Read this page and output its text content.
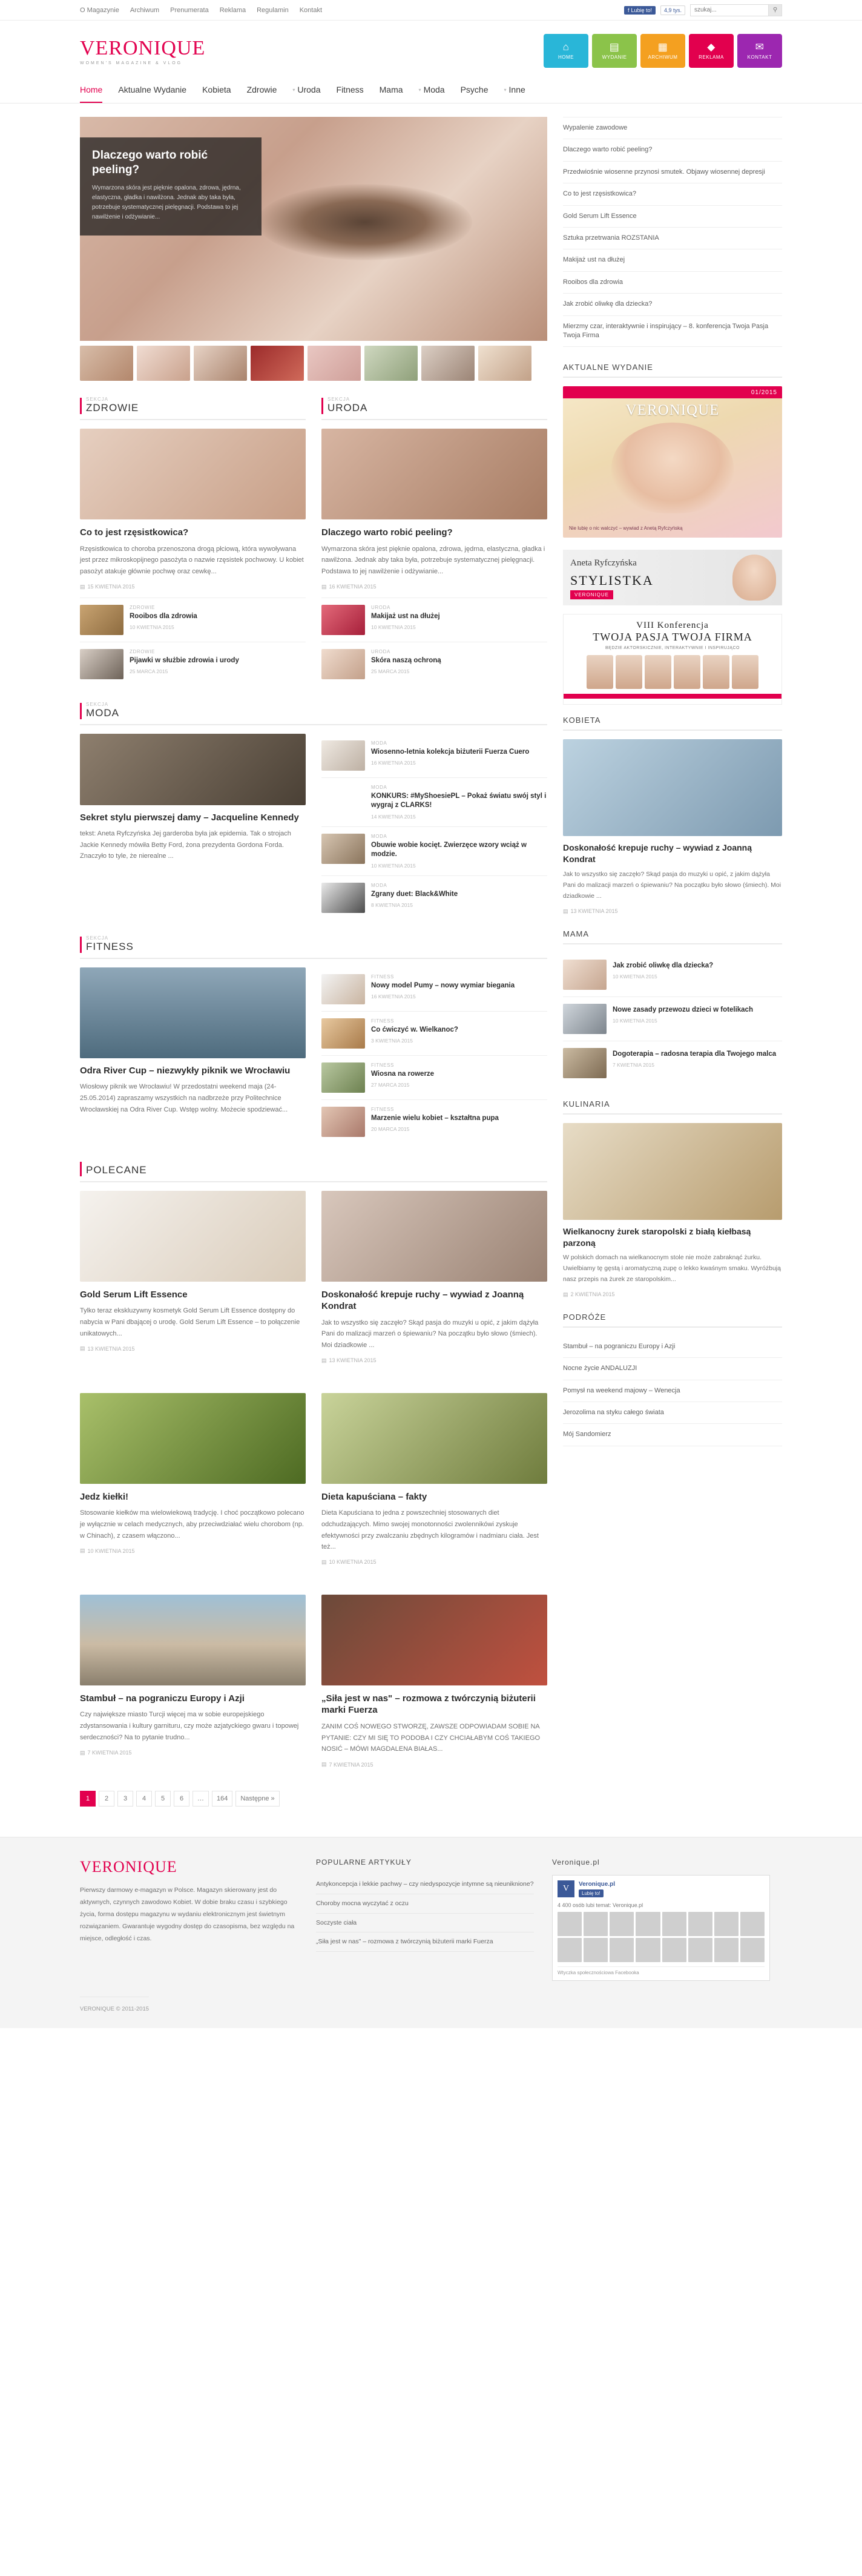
O Magazynie Archiwum Prenumerata Reklama Regulamin Kontakt	f Lubię to!	4,9 tys.
szukaj...	⚲
VERONIQUE
WOMEN'S MAGAZINE & VLOG
⌂
HOME
▤
WYDANIE
▦
ARCHIWUM
◆
REKLAMA
✉
KONTAKT
Home Aktualne Wydanie Kobieta Zdrowie	▾ Uroda Fitness Mama	▾ Moda Psyche	▾ Inne
Dlaczego warto robić peeling?

Wymarzona skóra jest pięknie opalona, zdrowa, jędrna, elastyczna, gładka i nawilżona. Jednak aby taka była, potrzebuje systematycznej pielęgnacji. Podstawa to jej nawilżenie i odżywianie...

SEKCJA
ZDROWIE
Co to jest rzęsistkowica?
Rzęsistkowica to choroba przenoszona drogą płciową, która wywoływana jest przez mikroskopijnego pasożyta o nazwie rzęsistek pochwowy. U kobiet pasożyt atakuje głównie pochwę oraz cewkę...
▤ 15 KWIETNIA 2015
ZDROWIE
Rooibos dla zdrowia
10 KWIETNIA 2015
ZDROWIE
Pijawki w służbie zdrowia i urody
25 MARCA 2015
SEKCJA
URODA
Dlaczego warto robić peeling?
Wymarzona skóra jest pięknie opalona, zdrowa, jędrna, elastyczna, gładka i nawilżona. Jednak aby taka była, potrzebuje systematycznej pielęgnacji. Podstawa to jej nawilżenie i odżywianie...
▤ 16 KWIETNIA 2015
URODA
Makijaż ust na dłużej
10 KWIETNIA 2015
URODA
Skóra naszą ochroną
25 MARCA 2015
SEKCJA
MODA
Sekret stylu pierwszej damy – Jacqueline Kennedy
tekst: Aneta Ryfczyńska Jej garderoba była jak epidemia. Tak o strojach Jackie Kennedy mówiła Betty Ford, żona prezydenta Gordona Forda. Znaczyło to tyle, że nierealne ...
MODA
Wiosenno-letnia kolekcja biżuterii Fuerza Cuero
16 KWIETNIA 2015
MODA
KONKURS: #MyShoesiePL – Pokaż światu swój styl i wygraj z CLARKS!
14 KWIETNIA 2015
MODA
Obuwie wobie kocięt. Zwierzęce wzory wciąż w modzie.
10 KWIETNIA 2015
MODA
Zgrany duet: Black&White
8 KWIETNIA 2015
SEKCJA
FITNESS
Odra River Cup – niezwykły piknik we Wrocławiu
Wiosłowy piknik we Wrocławiu! W przedostatni weekend maja (24-25.05.2014) zapraszamy wszystkich na nadbrzeże przy Politechnice Wrocławskiej na Odra River Cup. Wstęp wolny. Możecie spodziewać...
FITNESS
Nowy model Pumy – nowy wymiar biegania
16 KWIETNIA 2015
FITNESS
Co ćwiczyć w. Wielkanoc?
3 KWIETNIA 2015
FITNESS
Wiosna na rowerze
27 MARCA 2015
FITNESS
Marzenie wielu kobiet – kształtna pupa
20 MARCA 2015
POLECANE
Gold Serum Lift Essence
Tylko teraz ekskluzywny kosmetyk Gold Serum Lift Essence dostępny do nabycia w Pani dbającej o urodę. Gold Serum Lift Essence – to połączenie unikatowych...
▤ 13 KWIETNIA 2015
Doskonałość krepuje ruchy – wywiad z Joanną Kondrat
Jak to wszystko się zaczęło? Skąd pasja do muzyki u opić, z jakim dążyła Pani do malizacji marzeń o śpiewaniu? Na początku było słowo (śmiech). Moi dziadkowie ...
▤ 13 KWIETNIA 2015
Jedz kiełki!
Stosowanie kiełków ma wielowiekową tradycję. I choć początkowo polecano je wyłącznie w celach medycznych, aby przeciwdziałać wielu chorobom (np. w Chinach), z czasem włączono...
▤ 10 KWIETNIA 2015
Dieta kapuściana – fakty
Dieta Kapuściana to jedna z powszechniej stosowanych diet odchudzających. Mimo swojej monotonności zwolennikówi zyskuje efektywności przy zwalczaniu zbędnych kilogramów i nadmiaru ciała. Jest też...
▤ 10 KWIETNIA 2015
Stambuł – na pograniczu Europy i Azji
Czy największe miasto Turcji więcej ma w sobie europejskiego zdystansowania i kultury garnituru, czy może azjatyckiego gwaru i topowej serdeczności? Na to pytanie trudno...
▤ 7 KWIETNIA 2015
„Siła jest w nas" – rozmowa z twórczynią biżuterii marki Fuerza
ZANIM COŚ NOWEGO STWORZĘ, ZAWSZE ODPOWIADAM SOBIE NA PYTANIE: CZY MI SIĘ TO PODOBA I CZY CHCIAŁABYM COŚ TAKIEGO NOSIĆ – MÓWI MAGDALENA BIAŁAS...
▤ 7 KWIETNIA 2015
1	2	3	4	5	6	…	164	Następne »
Wypalenie zawodowe
Dlaczego warto robić peeling?
Przedwiośnie wiosenne przynosi smutek. Objawy wiosennej depresji
Co to jest rzęsistkowica?
Gold Serum Lift Essence
Sztuka przetrwania ROZSTANIA
Makijaż ust na dłużej
Rooibos dla zdrowia
Jak zrobić oliwkę dla dziecka?
Mierzmy czar, interaktywnie i inspirujący – 8. konferencja Twoja Pasja Twoja Firma
AKTUALNE WYDANIE
01/2015
VERONIQUE
Nie lubię o nic walczyć – wywiad z Anetą Ryfczyńską
Aneta Ryfczyńska
STYLISTKA
VERONIQUE
VIII Konferencja
TWOJA PASJA TWOJA FIRMA
BĘDZIE AKTORSKICZNIE, INTERAKTYWNIE I INSPIRUJĄCO
KOBIETA
Doskonałość krepuje ruchy – wywiad z Joanną Kondrat
Jak to wszystko się zaczęło? Skąd pasja do muzyki u opić, z jakim dążyła Pani do malizacji marzeń o śpiewaniu? Na początku było słowo (śmiech). Moi dziadkowie ...
▤ 13 KWIETNIA 2015
MAMA
Jak zrobić oliwkę dla dziecka?
10 KWIETNIA 2015
Nowe zasady przewozu dzieci w fotelikach
10 KWIETNIA 2015
Dogoterapia – radosna terapia dla Twojego malca
7 KWIETNIA 2015
KULINARIA
Wielkanocny żurek staropolski z białą kiełbasą parzoną
W polskich domach na wielkanocnym stole nie może zabraknąć żurku. Uwielbiamy tę gęstą i aromatyczną zupę o lekko kwaśnym smaku. Wyróżbują nasz przepis na żurek ze staropolskim...
▤ 2 KWIETNIA 2015
PODRÓŻE
Stambuł – na pograniczu Europy i Azji
Nocne życie ANDALUZJI
Pomysł na weekend majowy – Wenecja
Jerozolima na styku całego świata
Mój Sandomierz
VERONIQUE
Pierwszy darmowy e-magazyn w Polsce. Magazyn skierowany jest do aktywnych, czynnych zawodowo Kobiet. W dobie braku czasu i szybkiego życia, forma dostępu magazynu w wydaniu elektronicznym jest świetnym rozwiązaniem. Gwarantuje wygodny dostęp do czasopisma, bez względu na miejsce, odległość i czas.
POPULARNE ARTYKUŁY
Antykoncepcja i lekkie pachwy – czy niedyspozycje intymne są nieuniknione?
Choroby mocna wyczytać z oczu
Soczyste ciała
„Siła jest w nas" – rozmowa z twórczynią biżuterii marki Fuerza
Veronique.pl
V	Veronique.pl
Lubię to!
4 400 osób lubi temat: Veronique.pl
Wtyczka społecznościowa Facebooka
VERONIQUE © 2011-2015
